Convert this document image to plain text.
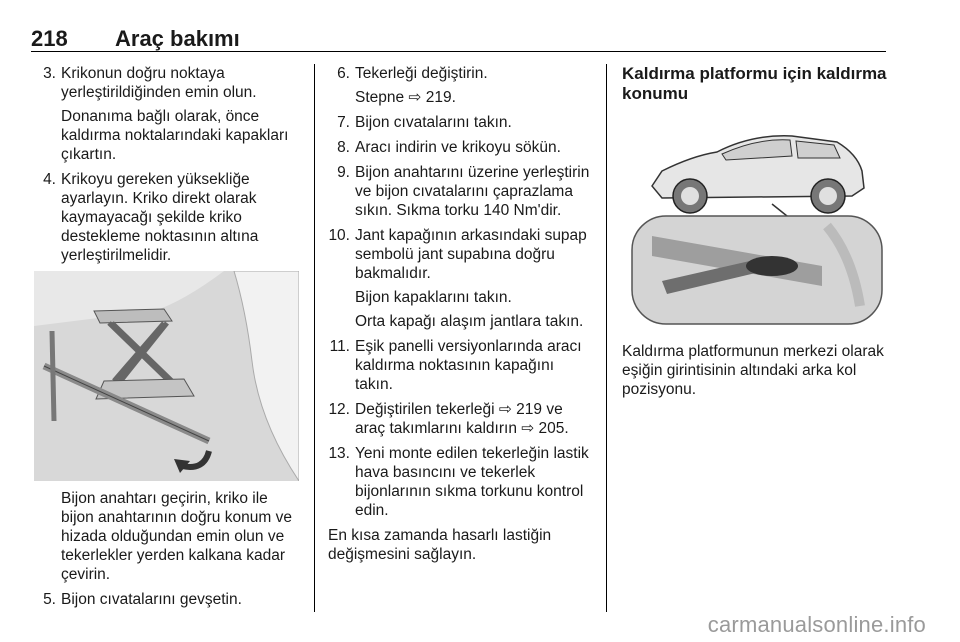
218 Araç bakımı
3. Krikonun doğru noktaya yerleştirildiğinden emin olun.
Donanıma bağlı olarak, önce kaldırma noktalarındaki kapakları çıkartın.
4. Krikoyu gereken yüksekliğe ayarlayın. Kriko direkt olarak kaymayacağı şekilde kriko destekleme noktasının altına yerleştirilmelidir.
Bijon anahtarı geçirin, kriko ile bijon anahtarının doğru konum ve hizada olduğundan emin olun ve tekerlekler yerden kalkana kadar çevirin.
5. Bijon cıvatalarını gevşetin.
6. Tekerleği değiştirin.
Stepne ⇨ 219.
7. Bijon cıvatalarını takın.
8. Aracı indirin ve krikoyu sökün.
9. Bijon anahtarını üzerine yerleştirin ve bijon cıvatalarını çaprazlama sıkın. Sıkma torku 140 Nm'dir.
10. Jant kapağının arkasındaki supap sembolü jant supabına doğru bakmalıdır.
Bijon kapaklarını takın.
Orta kapağı alaşım jantlara takın.
11. Eşik panelli versiyonlarında aracı kaldırma noktasının kapağını takın.
12. Değiştirilen tekerleği ⇨ 219 ve araç takımlarını kaldırın ⇨ 205.
13. Yeni monte edilen tekerleğin lastik hava basıncını ve tekerlek bijonlarının sıkma torkunu kontrol edin.
En kısa zamanda hasarlı lastiğin değişmesini sağlayın.
Kaldırma platformu için kaldırma konumu
Kaldırma platformunun merkezi olarak eşiğin girintisinin altındaki arka kol pozisyonu.
carmanualsonline.info
